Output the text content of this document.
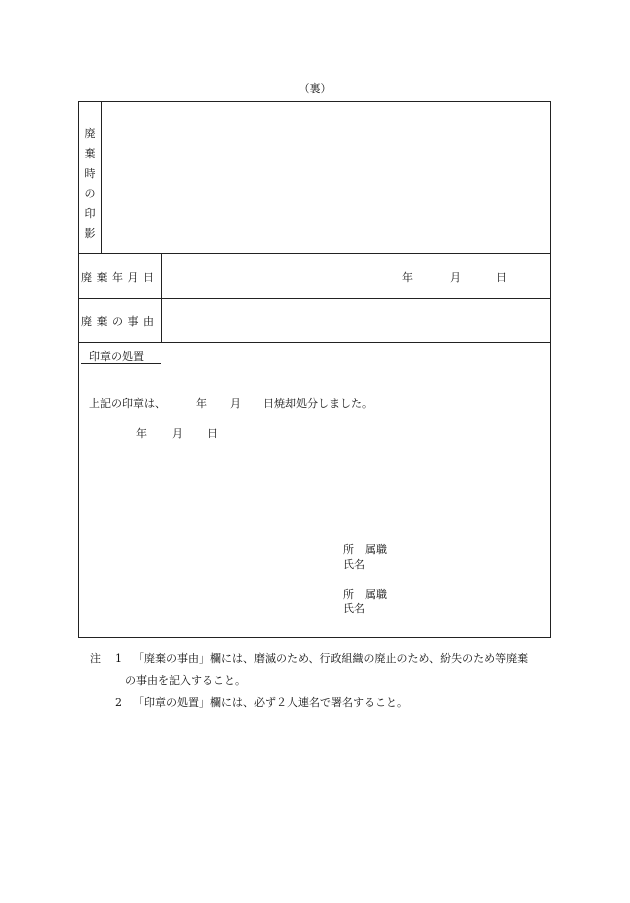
（裏）
廃
棄
時
の
印
影
廃棄年月日	年	月	日
廃棄の事由
印章の処置
上記の印章は、	年 月 日焼却処分しました。
年 月 日
所　属職
氏名
所　属職
氏名
注 1 「廃棄の事由」欄には、磨滅のため、行政組織の廃止のため、紛失のため等廃棄
の事由を記入すること。
2 「印章の処置」欄には、必ず２人連名で署名すること。
